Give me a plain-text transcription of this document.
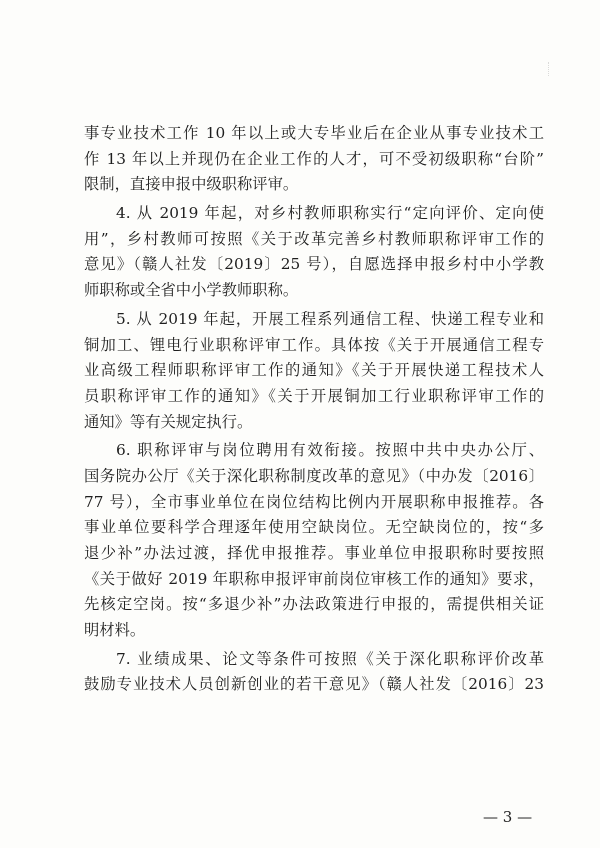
事专业技术工作 10 年以上或大专毕业后在企业从事专业技术工
作 13 年以上并现仍在企业工作的人才，可不受初级职称“台阶”
限制，直接申报中级职称评审。
4. 从 2019 年起，对乡村教师职称实行“定向评价、定向使
用”，乡村教师可按照《关于改革完善乡村教师职称评审工作的
意见》（赣人社发〔2019〕25 号），自愿选择申报乡村中小学教
师职称或全省中小学教师职称。
5. 从 2019 年起，开展工程系列通信工程、快递工程专业和
铜加工、锂电行业职称评审工作。具体按《关于开展通信工程专
业高级工程师职称评审工作的通知》《关于开展快递工程技术人
员职称评审工作的通知》《关于开展铜加工行业职称评审工作的
通知》等有关规定执行。
6. 职称评审与岗位聘用有效衔接。按照中共中央办公厅、
国务院办公厅《关于深化职称制度改革的意见》（中办发〔2016〕
77 号），全市事业单位在岗位结构比例内开展职称申报推荐。各
事业单位要科学合理逐年使用空缺岗位。无空缺岗位的，按“多
退少补”办法过渡，择优申报推荐。事业单位申报职称时要按照
《关于做好 2019 年职称申报评审前岗位审核工作的通知》要求，
先核定空岗。按“多退少补”办法政策进行申报的，需提供相关证
明材料。
7. 业绩成果、论文等条件可按照《关于深化职称评价改革
鼓励专业技术人员创新创业的若干意见》（赣人社发〔2016〕23
— 3 —
